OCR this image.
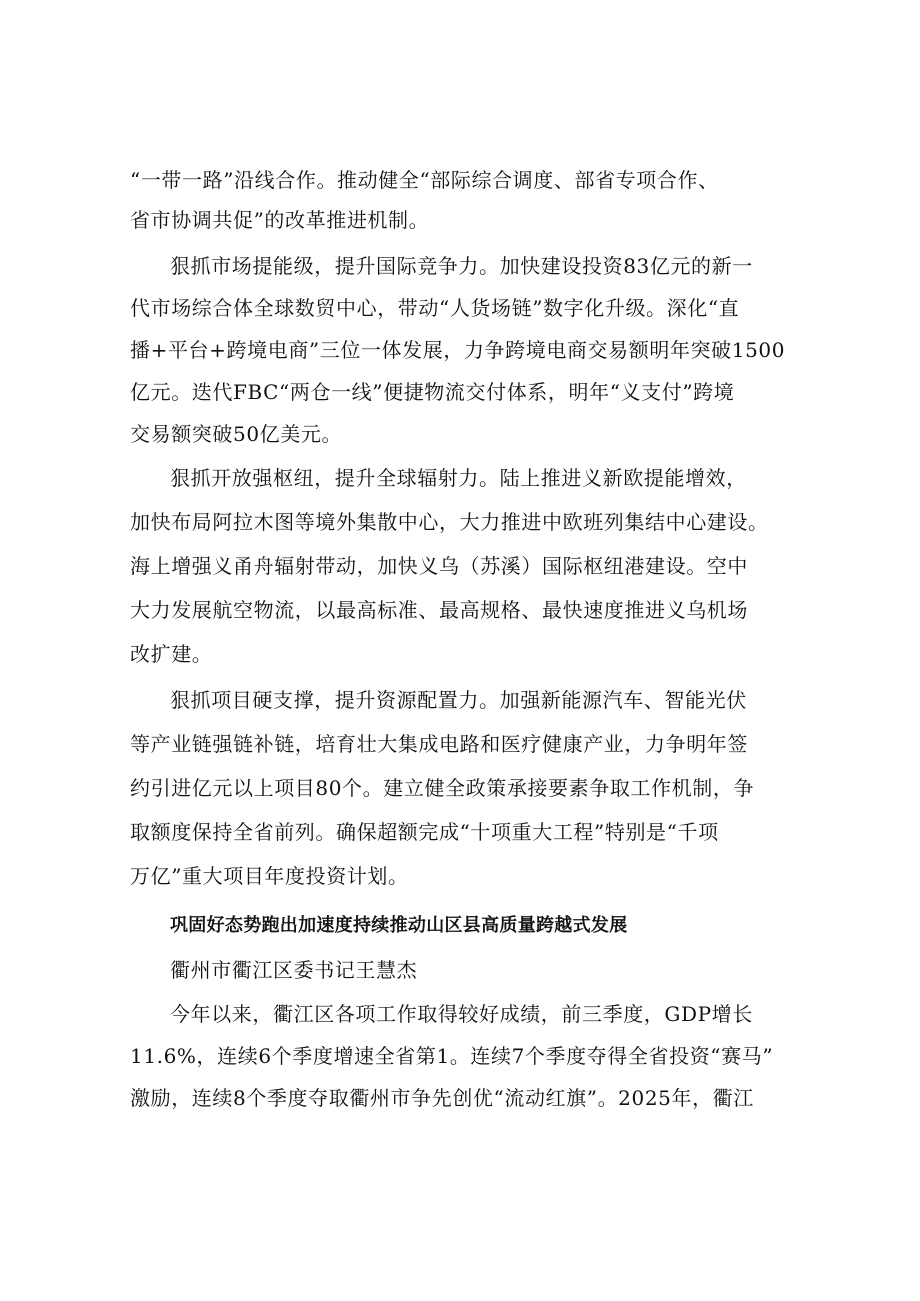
“一带一路”沿线合作。推动健全“部际综合调度、部省专项合作、
省市协调共促”的改革推进机制。
狠抓市场提能级，提升国际竞争力。加快建设投资83亿元的新一
代市场综合体全球数贸中心，带动“人货场链”数字化升级。深化“直
播+平台+跨境电商”三位一体发展，力争跨境电商交易额明年突破1500
亿元。迭代FBC“两仓一线”便捷物流交付体系，明年“义支付”跨境
交易额突破50亿美元。
狠抓开放强枢纽，提升全球辐射力。陆上推进义新欧提能增效，
加快布局阿拉木图等境外集散中心，大力推进中欧班列集结中心建设。
海上增强义甬舟辐射带动，加快义乌（苏溪）国际枢纽港建设。空中
大力发展航空物流，以最高标准、最高规格、最快速度推进义乌机场
改扩建。
狠抓项目硬支撑，提升资源配置力。加强新能源汽车、智能光伏
等产业链强链补链，培育壮大集成电路和医疗健康产业，力争明年签
约引进亿元以上项目80个。建立健全政策承接要素争取工作机制，争
取额度保持全省前列。确保超额完成“十项重大工程”特别是“千项
万亿”重大项目年度投资计划。
巩固好态势跑出加速度持续推动山区县高质量跨越式发展
衢州市衢江区委书记王慧杰
今年以来，衢江区各项工作取得较好成绩，前三季度，GDP增长
11.6%，连续6个季度增速全省第1。连续7个季度夺得全省投资“赛马”
激励，连续8个季度夺取衢州市争先创优“流动红旗”。2025年，衢江
